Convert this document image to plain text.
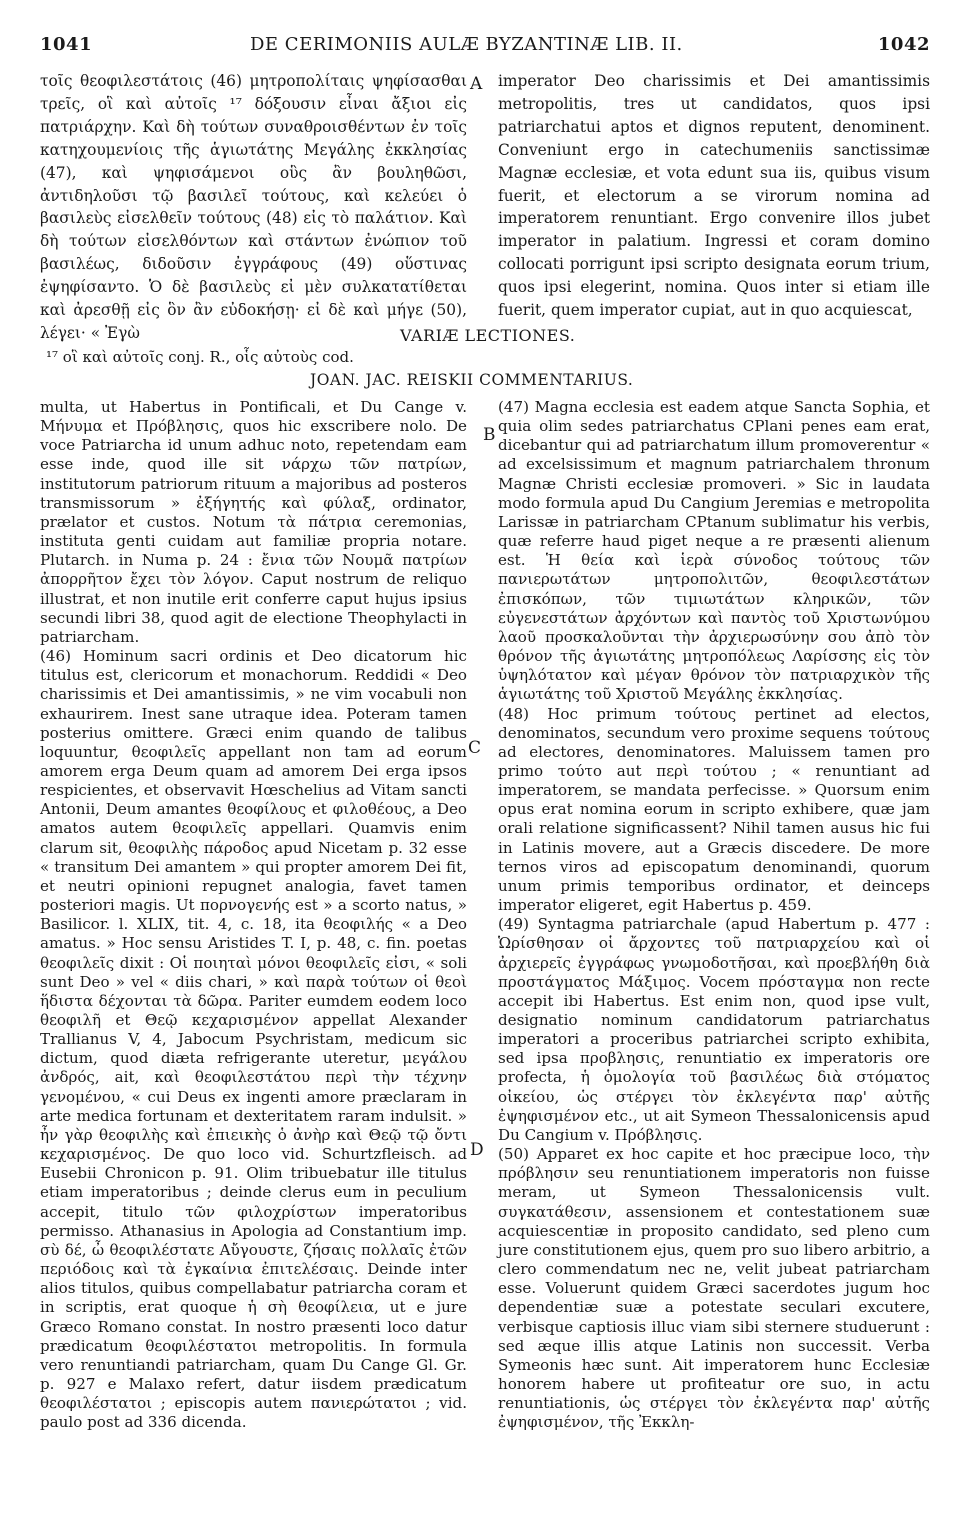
1041	DE CERIMONIIS AULÆ BYZANTINÆ LIB. II.	1042

τοῖς θεοφιλεστάτοις (46) μητροπολίταις ψηφίσασθαι τρεῖς, οἳ καὶ αὐτοῖς ¹⁷ δόξουσιν εἶναι ἄξιοι εἰς πατριάρχην. Καὶ δὴ τούτων συναθροισθέντων ἐν τοῖς κατηχουμενίοις τῆς ἁγιωτάτης Μεγάλης ἐκκλησίας (47), καὶ ψηφισάμενοι οὓς ἂν βουληθῶσι, ἀντιδηλοῦσι τῷ βασιλεῖ τούτους, καὶ κελεύει ὁ βασιλεὺς εἰσελθεῖν τούτους (48) εἰς τὸ παλάτιον. Καὶ δὴ τούτων εἰσελθόντων καὶ στάντων ἐνώπιον τοῦ βασιλέως, διδοῦσιν ἐγγράφους (49) οὕστινας ἐψηφίσαντο. Ὁ δὲ βασιλεὺς εἰ μὲν συλκατατίθεται καὶ ἀρεσθῇ εἰς ὃν ἂν εὐδοκήσῃ· εἰ δὲ καὶ μήγε (50), λέγει· « Ἐγὼ

A imperator Deo charissimis et Dei amantissimis metropolitis, tres ut candidatos, quos ipsi patriarchatui aptos et dignos reputent, denominent. Conveniunt ergo in catechumeniis sanctissimæ Magnæ ecclesiæ, et vota edunt sua iis, quibus visum fuerit, et electorum a se virorum nomina ad imperatorem renuntiant. Ergo convenire illos jubet imperator in palatium. Ingressi et coram domino collocati porrigunt ipsi scripto designata eorum trium, quos ipsi elegerint, nomina. Quos inter si etiam ille fuerit, quem imperator cupiat, aut in quo acquiescat,

VARIÆ LECTIONES.
¹⁷ οἳ καὶ αὐτοῖς conj. R., οἷς αὐτοὺς cod.
JOAN. JAC. REISKII COMMENTARIUS.

multa, ut Habertus in Pontificali, et Du Cange v. Μήνυμα et Πρόβλησις, quos hic exscribere nolo. De voce Patriarcha id unum adhuc noto, repetendam eam esse inde, quod ille sit νάρχω τῶν πατρίων, institutorum patriorum rituum a majoribus ad posteros transmissorum » ἐξήγητής καὶ φύλαξ, ordinator, prælator et custos. Notum τὰ πάτρια ceremonias, instituta genti cuidam aut familiæ propria notare. Plutarch. in Numa p. 24 : ἔνια τῶν Νουμᾶ πατρίων ἀπορρῆτον ἔχει τὸν λόγον. Caput nostrum de reliquo illustrat, et non inutile erit conferre caput hujus ipsius secundi libri 38, quod agit de electione Theophylacti in patriarcham.

(46) Hominum sacri ordinis et Deo dicatorum hic titulus est, clericorum et monachorum. Reddidi « Deo charissimis et Dei amantissimis, » ne vim vocabuli non exhaurirem. Inest sane utraque idea. Poteram tamen posterius omittere. Græci enim quando de talibus loquuntur, θεοφιλεῖς appellant non tam ad eorum amorem erga Deum quam ad amorem Dei erga ipsos respicientes, et observavit Hœschelius ad Vitam sancti Antonii, Deum amantes θεοφίλους et φιλοθέους, a Deo amatos autem θεοφιλεῖς appellari. Quamvis enim clarum sit, θεοφιλὴς πάροδος apud Nicetam p. 32 esse « transitum Dei amantem » qui propter amorem Dei fit, et neutri opinioni repugnet analogia, favet tamen posteriori magis. Ut πορνογενής est » a scorto natus, » Basilicor. l. XLIX, tit. 4, c. 18, ita θεοφιλής « a Deo amatus. » Hoc sensu Aristides T. I, p. 48, c. fin. poetas θεοφιλεῖς dixit : Οἱ ποιηταὶ μόνοι θεοφιλεῖς εἰσι, « soli sunt Deo » vel « diis chari, » καὶ παρὰ τούτων οἱ θεοὶ ἥδιστα δέχονται τὰ δῶρα. Pariter eumdem eodem loco θεοφιλῆ et Θεῷ κεχαρισμένον appellat Alexander Trallianus V, 4, Jabocum Psychristam, medicum sic dictum, quod diæta refrigerante uteretur, μεγάλου ἀνδρός, ait, καὶ θεοφιλεστάτου περὶ τὴν τέχνην γενομένου, « cui Deus ex ingenti amore præclaram in arte medica fortunam et dexteritatem raram indulsit. » ἦν γὰρ θεοφιλὴς καὶ ἐπιεικὴς ὁ ἀνὴρ καὶ Θεῷ τῷ ὄντι κεχαρισμένος. De quo loco vid. Schurtzfleisch. ad Eusebii Chronicon p. 91. Olim tribuebatur ille titulus etiam imperatoribus ; deinde clerus eum in peculium accepit, titulo τῶν φιλοχρίστων imperatoribus permisso. Athanasius in Apologia ad Constantium imp. σὺ δέ, ὦ θεοφιλέστατε Αὔγουστε, ζήσαις πολλαῖς ἐτῶν περιόδοις καὶ τὰ ἐγκαίνια ἐπιτελέσαις. Deinde inter alios titulos, quibus compellabatur patriarcha coram et in scriptis, erat quoque ἡ σὴ θεοφίλεια, ut e jure Græco Romano constat. In nostro præsenti loco datur prædicatum θεοφιλέστατοι metropolitis. In formula vero renuntiandi patriarcham, quam Du Cange Gl. Gr. p. 927 e Malaxo refert, datur iisdem prædicatum θεοφιλέστατοι ; episcopis autem πανιερώτατοι ; vid. paulo post ad 336 dicenda.

B
C
D

(47) Magna ecclesia est eadem atque Sancta Sophia, et quia olim sedes patriarchatus CPlani penes eam erat, dicebantur qui ad patriarchatum illum promoverentur « ad excelsissimum et magnum patriarchalem thronum Magnæ Christi ecclesiæ promoveri. » Sic in laudata modo formula apud Du Cangium Jeremias e metropolita Larissæ in patriarcham CPtanum sublimatur his verbis, quæ referre haud piget neque a re præsenti alienum est. Ἡ θεία καὶ ἱερὰ σύνοδος τούτους τῶν πανιερωτάτων μητροπολιτῶν, θεοφιλεστάτων ἐπισκόπων, τῶν τιμιωτάτων κληρικῶν, τῶν εὐγενεστάτων ἀρχόντων καὶ παντὸς τοῦ Χριστωνύμου λαοῦ προσκαλοῦνται τὴν ἀρχιερωσύνην σου ἀπὸ τὸν θρόνον τῆς ἁγιωτάτης μητροπόλεως Λαρίσσης εἰς τὸν ὑψηλότατον καὶ μέγαν θρόνον τὸν πατριαρχικὸν τῆς ἁγιωτάτης τοῦ Χριστοῦ Μεγάλης ἐκκλησίας.

(48) Hoc primum τούτους pertinet ad electos, denominatos, secundum vero proxime sequens τούτους ad electores, denominatores. Maluissem tamen pro primo τούτο aut περὶ τούτου ; « renuntiant ad imperatorem, se mandata perfecisse. » Quorsum enim opus erat nomina eorum in scripto exhibere, quæ jam orali relatione significassent? Nihil tamen ausus hic fui in Latinis movere, aut a Græcis discedere. De more ternos viros ad episcopatum denominandi, quorum unum primis temporibus ordinator, et deinceps imperator eligeret, egit Habertus p. 459.

(49) Syntagma patriarchale (apud Habertum p. 477 : Ὡρίσθησαν οἱ ἄρχοντες τοῦ πατριαρχείου καὶ οἱ ἀρχιερεῖς ἐγγράφως γνωμοδοτῆσαι, καὶ προεβλήθη διὰ προστάγματος Μάξιμος. Vocem πρόσταγμα non recte accepit ibi Habertus. Est enim non, quod ipse vult, designatio nominum candidatorum patriarchatus imperatori a proceribus patriarchei scripto exhibita, sed ipsa προβλησις, renuntiatio ex imperatoris ore profecta, ἡ ὁμολογία τοῦ βασιλέως διὰ στόματος οἰκείου, ὡς στέργει τὸν ἐκλεγέντα παρ' αὐτῆς ἐψηφισμένον etc., ut ait Symeon Thessalonicensis apud Du Cangium v. Πρόβλησις.

(50) Apparet ex hoc capite et hoc præcipue loco, τὴν πρόβλησιν seu renuntiationem imperatoris non fuisse meram, ut Symeon Thessalonicensis vult. συγκατάθεσιν, assensionem et contestationem suæ acquiescentiæ in proposito candidato, sed pleno cum jure constitutionem ejus, quem pro suo libero arbitrio, a clero commendatum nec ne, velit jubeat patriarcham esse. Voluerunt quidem Græci sacerdotes jugum hoc dependentiæ suæ a potestate seculari excutere, verbisque captiosis illuc viam sibi sternere studuerunt : sed æque illis atque Latinis non successit. Verba Symeonis hæc sunt. Ait imperatorem hunc Ecclesiæ honorem habere ut profiteatur ore suo, in actu renuntiationis, ὡς στέργει τὸν ἐκλεγέντα παρ' αὐτῆς ἐψηφισμένον, τῆς Ἐκκλη-
